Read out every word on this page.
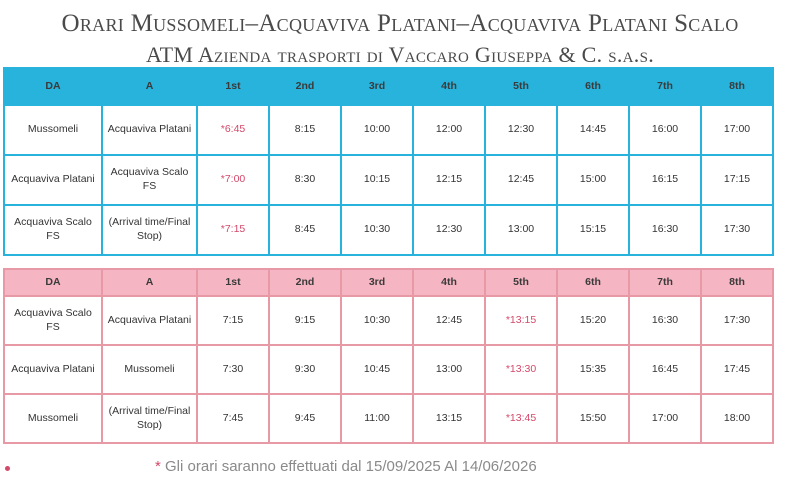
Orari Mussomeli–Acquaviva Platani–Acquaviva Platani Scalo
ATM Azienda trasporti di Vaccaro Giuseppa & C. s.a.s.
DA	A	1st	2nd	3rd	4th	5th	6th	7th	8th
Mussomeli	Acquaviva Platani	*6:45	8:15	10:00	12:00	12:30	14:45	16:00	17:00
Acquaviva Platani	Acquaviva Scalo FS	*7:00	8:30	10:15	12:15	12:45	15:00	16:15	17:15
Acquaviva Scalo FS	(Arrival time/Final Stop)	*7:15	8:45	10:30	12:30	13:00	15:15	16:30	17:30
DA	A	1st	2nd	3rd	4th	5th	6th	7th	8th
Acquaviva Scalo FS	Acquaviva Platani	7:15	9:15	10:30	12:45	*13:15	15:20	16:30	17:30
Acquaviva Platani	Mussomeli	7:30	9:30	10:45	13:00	*13:30	15:35	16:45	17:45
Mussomeli	(Arrival time/Final Stop)	7:45	9:45	11:00	13:15	*13:45	15:50	17:00	18:00
* Gli orari saranno effettuati dal 15/09/2025 Al 14/06/2026
